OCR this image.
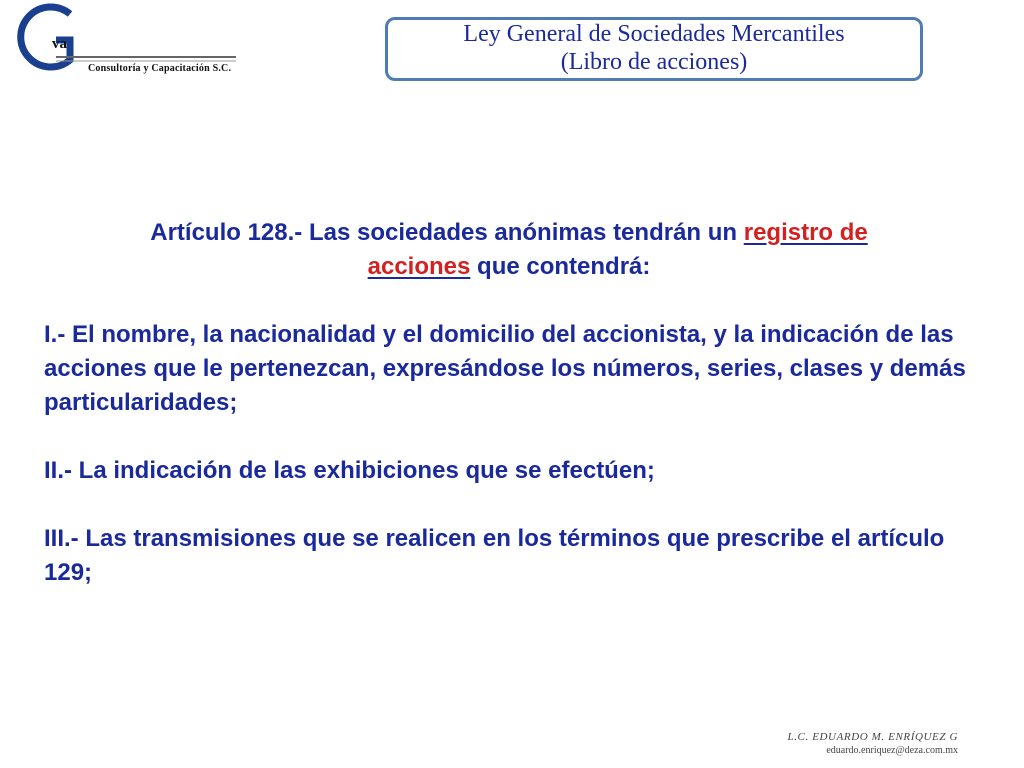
va
Consultoría y Capacitación S.C.
Ley General de Sociedades Mercantiles
(Libro de acciones)

Artículo 128.- Las sociedades anónimas tendrán un registro de
acciones que contendrá:

I.- El nombre, la nacionalidad y el domicilio del accionista, y la indicación de las acciones que le pertenezcan, expresándose los números, series, clases y demás particularidades;

II.- La indicación de las exhibiciones que se efectúen;

III.- Las transmisiones que se realicen en los términos que prescribe el artículo 129;

L.C. EDUARDO M. ENRÍQUEZ G
eduardo.enriquez@deza.com.mx
